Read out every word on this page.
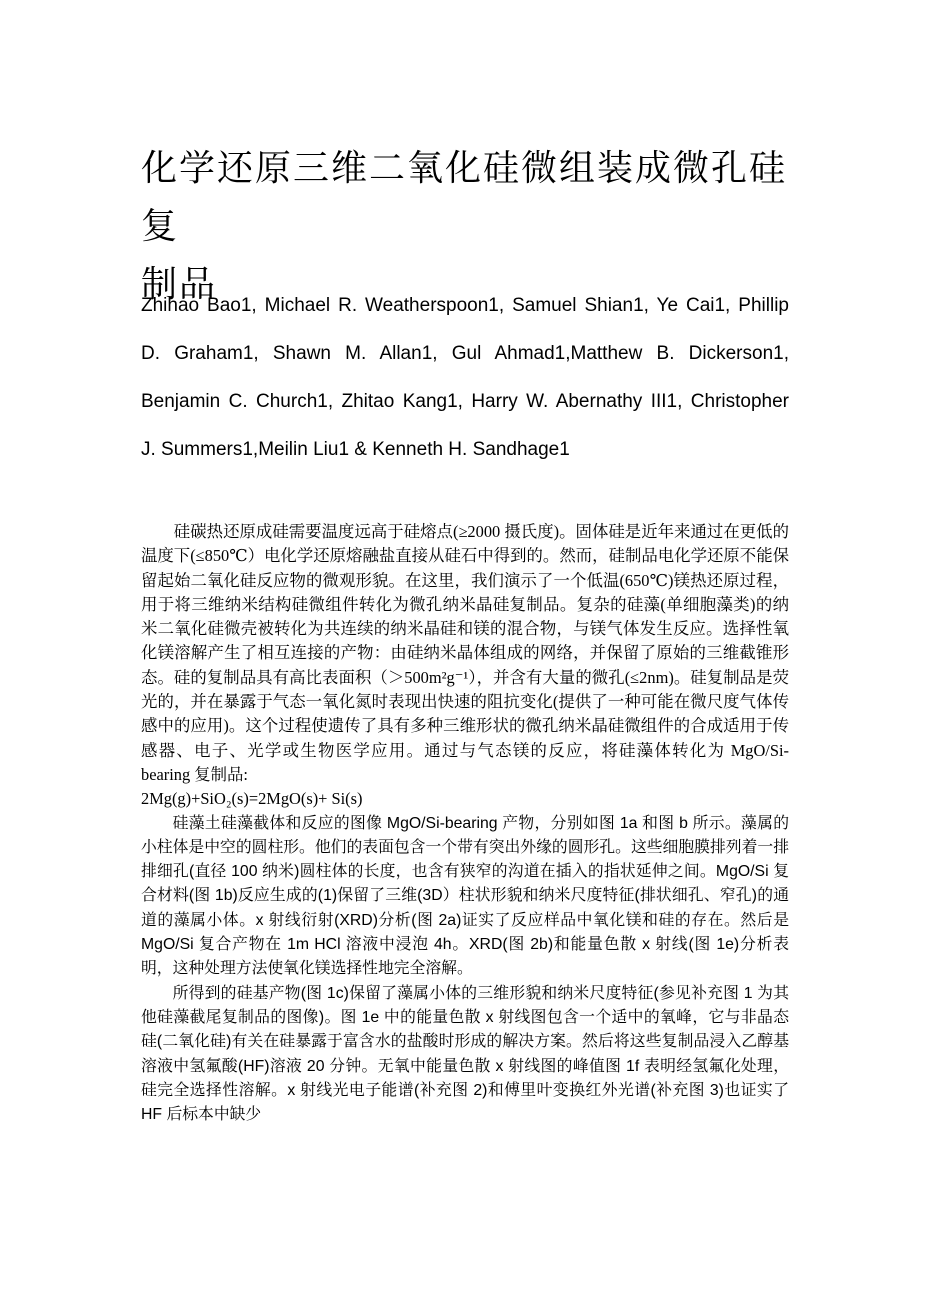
化学还原三维二氧化硅微组装成微孔硅复
制品
Zhihao Bao1, Michael R. Weatherspoon1, Samuel Shian1, Ye Cai1, Phillip
D. Graham1, Shawn M. Allan1, Gul Ahmad1,Matthew B. Dickerson1,
Benjamin C. Church1, Zhitao Kang1, Harry W. Abernathy III1, Christopher
J. Summers1,Meilin Liu1 & Kenneth H. Sandhage1

硅碳热还原成硅需要温度远高于硅熔点(≥2000 摄氏度)。固体硅是近年来通过在更低的温度下(≤850℃）电化学还原熔融盐直接从硅石中得到的。然而，硅制品电化学还原不能保留起始二氧化硅反应物的微观形貌。在这里，我们演示了一个低温(650℃)镁热还原过程，用于将三维纳米结构硅微组件转化为微孔纳米晶硅复制品。复杂的硅藻(单细胞藻类)的纳米二氧化硅微壳被转化为共连续的纳米晶硅和镁的混合物，与镁气体发生反应。选择性氧化镁溶解产生了相互连接的产物：由硅纳米晶体组成的网络，并保留了原始的三维截锥形态。硅的复制品具有高比表面积（＞500m²g⁻¹），并含有大量的微孔(≤2nm)。硅复制品是荧光的，并在暴露于气态一氧化氮时表现出快速的阻抗变化(提供了一种可能在微尺度气体传感中的应用)。这个过程使遗传了具有多种三维形状的微孔纳米晶硅微组件的合成适用于传感器、电子、光学或生物医学应用。通过与气态镁的反应，将硅藻体转化为 MgO/Si-bearing 复制品:

2Mg(g)+SiO₂(s)=2MgO(s)+ Si(s)

硅藻土硅藻截体和反应的图像 MgO/Si-bearing 产物，分别如图 1a 和图 b 所示。藻属的小柱体是中空的圆柱形。他们的表面包含一个带有突出外缘的圆形孔。这些细胞膜排列着一排排细孔(直径 100 纳米)圆柱体的长度，也含有狭窄的沟道在插入的指状延伸之间。MgO/Si 复合材料(图 1b)反应生成的(1)保留了三维(3D）柱状形貌和纳米尺度特征(排状细孔、窄孔)的通道的藻属小体。x 射线衍射(XRD)分析(图 2a)证实了反应样品中氧化镁和硅的存在。然后是 MgO/Si 复合产物在 1m HCl 溶液中浸泡 4h。XRD(图 2b)和能量色散 x 射线(图 1e)分析表明，这种处理方法使氧化镁选择性地完全溶解。

所得到的硅基产物(图 1c)保留了藻属小体的三维形貌和纳米尺度特征(参见补充图 1 为其他硅藻截尾复制品的图像)。图 1e 中的能量色散 x 射线图包含一个适中的氧峰，它与非晶态硅(二氧化硅)有关在硅暴露于富含水的盐酸时形成的解决方案。然后将这些复制品浸入乙醇基溶液中氢氟酸(HF)溶液 20 分钟。无氧中能量色散 x 射线图的峰值图 1f 表明经氢氟化处理，硅完全选择性溶解。x 射线光电子能谱(补充图 2)和傅里叶变换红外光谱(补充图 3)也证实了 HF 后标本中缺少
